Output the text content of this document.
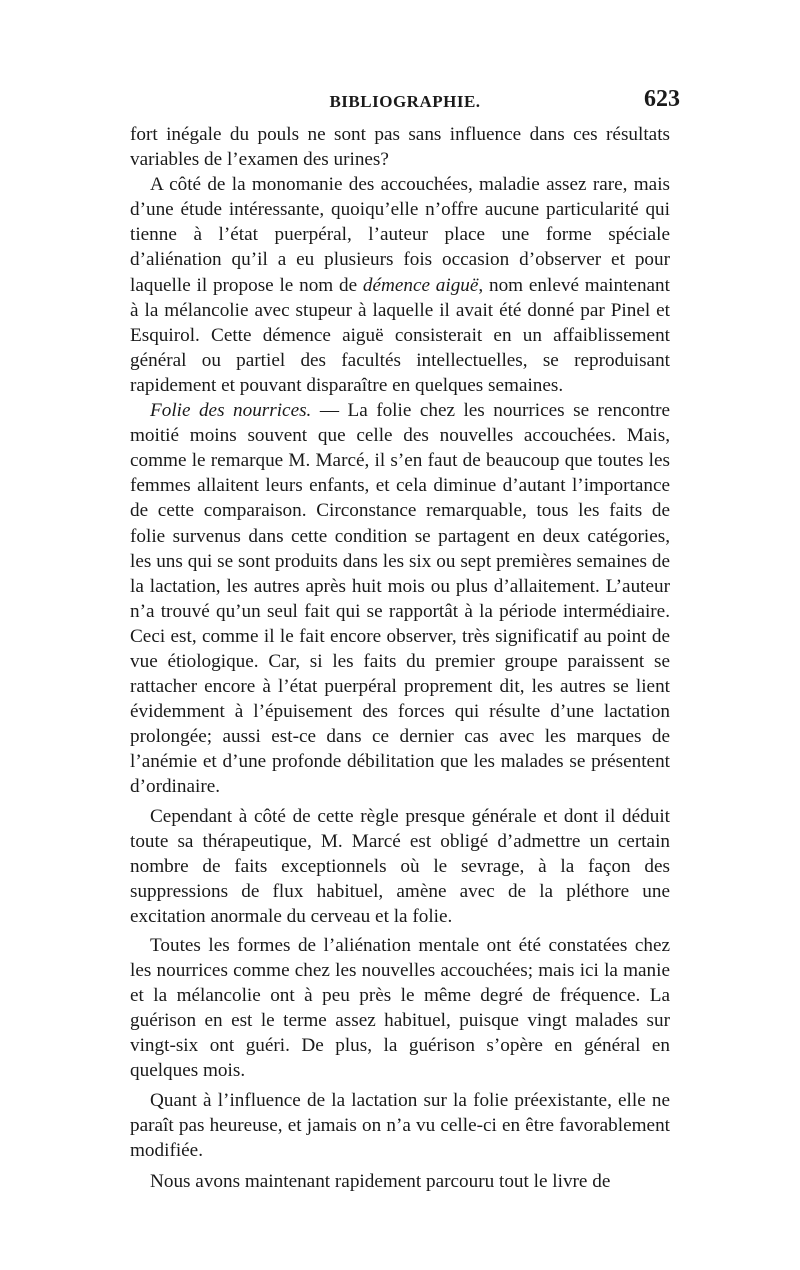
BIBLIOGRAPHIE.	623

fort inégale du pouls ne sont pas sans influence dans ces résultats variables de l’examen des urines?

A côté de la monomanie des accouchées, maladie assez rare, mais d’une étude intéressante, quoiqu’elle n’offre aucune particularité qui tienne à l’état puerpéral, l’auteur place une forme spéciale d’aliénation qu’il a eu plusieurs fois occasion d’observer et pour laquelle il propose le nom de démence aiguë, nom enlevé maintenant à la mélancolie avec stupeur à laquelle il avait été donné par Pinel et Esquirol. Cette démence aiguë consisterait en un affaiblissement général ou partiel des facultés intellectuelles, se reproduisant rapidement et pouvant disparaître en quelques semaines.

Folie des nourrices. — La folie chez les nourrices se rencontre moitié moins souvent que celle des nouvelles accouchées. Mais, comme le remarque M. Marcé, il s’en faut de beaucoup que toutes les femmes allaitent leurs enfants, et cela diminue d’autant l’importance de cette comparaison. Circonstance remarquable, tous les faits de folie survenus dans cette condition se partagent en deux catégories, les uns qui se sont produits dans les six ou sept premières semaines de la lactation, les autres après huit mois ou plus d’allaitement. L’auteur n’a trouvé qu’un seul fait qui se rapportât à la période intermédiaire. Ceci est, comme il le fait encore observer, très significatif au point de vue étiologique. Car, si les faits du premier groupe paraissent se rattacher encore à l’état puerpéral proprement dit, les autres se lient évidemment à l’épuisement des forces qui résulte d’une lactation prolongée; aussi est-ce dans ce dernier cas avec les marques de l’anémie et d’une profonde débilitation que les malades se présentent d’ordinaire.

Cependant à côté de cette règle presque générale et dont il déduit toute sa thérapeutique, M. Marcé est obligé d’admettre un certain nombre de faits exceptionnels où le sevrage, à la façon des suppressions de flux habituel, amène avec de la pléthore une excitation anormale du cerveau et la folie.

Toutes les formes de l’aliénation mentale ont été constatées chez les nourrices comme chez les nouvelles accouchées; mais ici la manie et la mélancolie ont à peu près le même degré de fréquence. La guérison en est le terme assez habituel, puisque vingt malades sur vingt-six ont guéri. De plus, la guérison s’opère en général en quelques mois.

Quant à l’influence de la lactation sur la folie préexistante, elle ne paraît pas heureuse, et jamais on n’a vu celle-ci en être favorablement modifiée.

Nous avons maintenant rapidement parcouru tout le livre de
